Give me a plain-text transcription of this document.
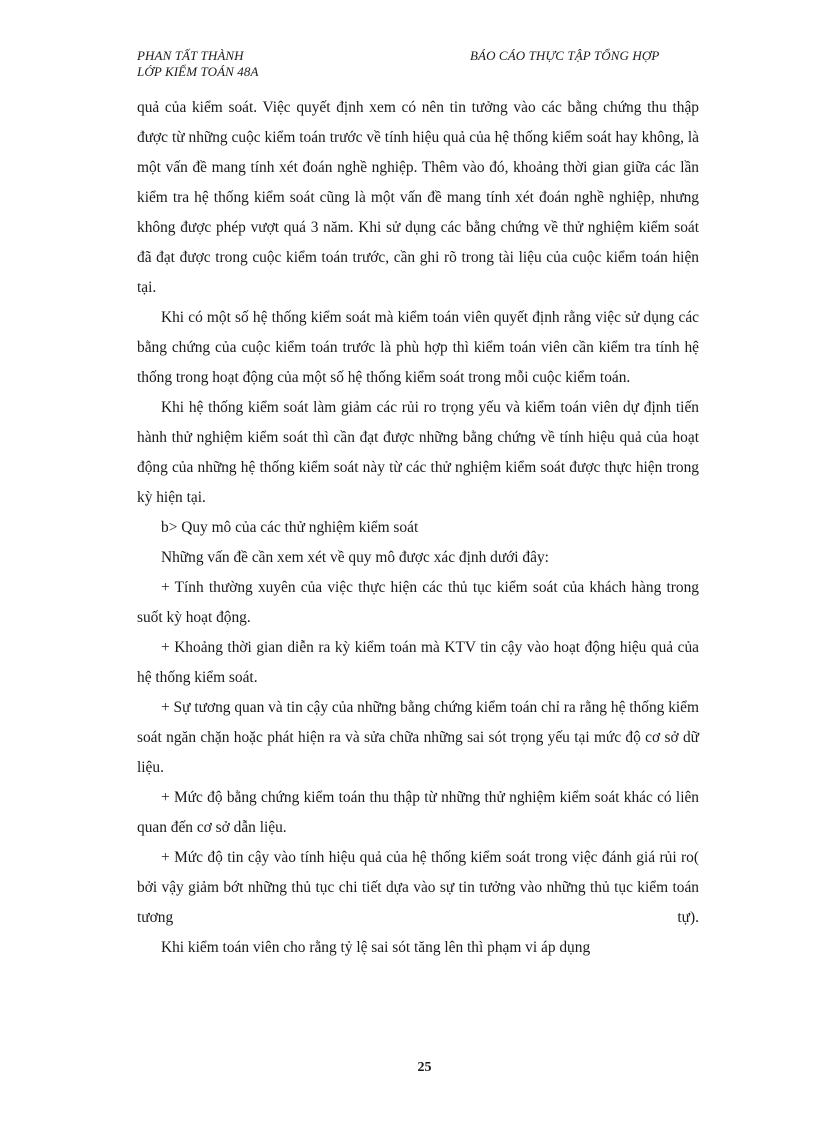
PHAN TẤT THÀNH
LỚP KIỂM TOÁN 48A
BÁO CÁO THỰC TẬP TỔNG HỢP

quả của kiểm soát. Việc quyết định xem có nên tin tưởng vào các bằng chứng thu thập được từ những cuộc kiểm toán trước về tính hiệu quả của hệ thống kiểm soát hay không, là một vấn đề mang tính xét đoán nghề nghiệp. Thêm vào đó, khoảng thời gian giữa các lần kiểm tra hệ thống kiểm soát cũng là một vấn đề mang tính xét đoán nghề nghiệp, nhưng không được phép vượt quá 3 năm. Khi sử dụng các bằng chứng về thử nghiệm kiểm soát đã đạt được trong cuộc kiểm toán trước, cần ghi rõ trong tài liệu của cuộc kiểm toán hiện tại.

Khi có một số hệ thống kiểm soát mà kiểm toán viên quyết định rằng việc sử dụng các bằng chứng của cuộc kiểm toán trước là phù hợp thì kiểm toán viên cần kiểm tra tính hệ thống trong hoạt động của một số hệ thống kiểm soát trong mỗi cuộc kiểm toán.

Khi hệ thống kiểm soát làm giảm các rủi ro trọng yếu và kiểm toán viên dự định tiến hành thử nghiệm kiểm soát thì cần đạt được những bằng chứng về tính hiệu quả của hoạt động của những hệ thống kiểm soát này từ các thử nghiệm kiểm soát được thực hiện trong kỳ hiện tại.

b> Quy mô của các thử nghiệm kiểm soát

Những vấn đề cần xem xét về quy mô được xác định dưới đây:

+ Tính thường xuyên của việc thực hiện các thủ tục kiểm soát của khách hàng trong suốt kỳ hoạt động.

+ Khoảng thời gian diễn ra kỳ kiểm toán mà KTV tin cậy vào hoạt động hiệu quả của hệ thống kiểm soát.

+ Sự tương quan và tin cậy của những bằng chứng kiểm toán chỉ ra rằng hệ thống kiểm soát ngăn chặn hoặc phát hiện ra và sửa chữa những sai sót trọng yếu tại mức độ cơ sở dữ liệu.

+ Mức độ bằng chứng kiểm toán thu thập từ những thử nghiệm kiểm soát khác có liên quan đến cơ sở dẫn liệu.

+ Mức độ tin cậy vào tính hiệu quả của hệ thống kiểm soát trong việc đánh giá rủi ro( bởi vậy giảm bớt những thủ tục chi tiết dựa vào sự tin tưởng vào những thủ tục kiểm toán tương tự).

Khi kiểm toán viên cho rằng tỷ lệ sai sót tăng lên thì phạm vi áp dụng

25
